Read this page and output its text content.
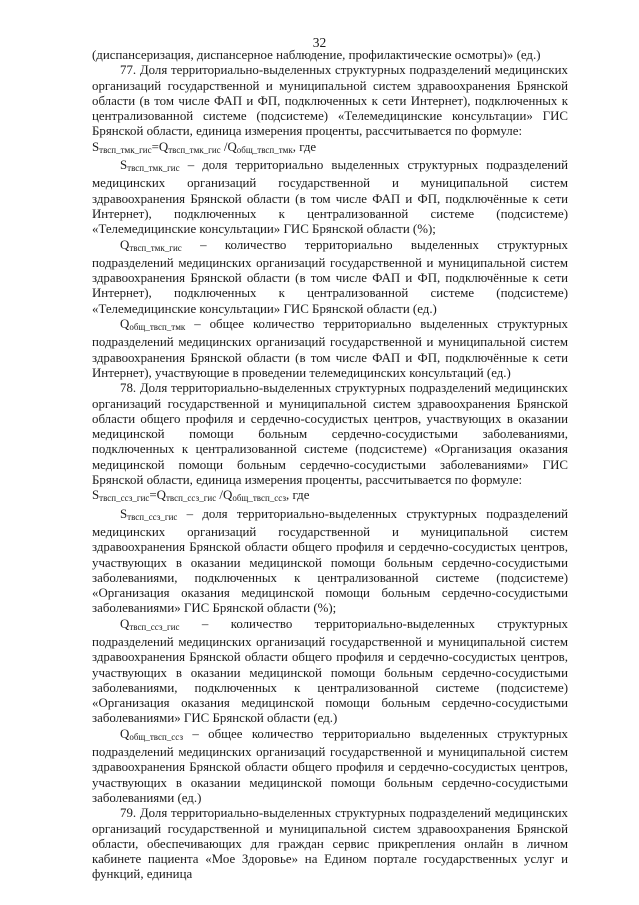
32

(диспансеризация, диспансерное наблюдение, профилактические осмотры)» (ед.)

77. Доля территориально-выделенных структурных подразделений медицинских организаций государственной и муниципальной систем здравоохранения Брянской области (в том числе ФАП и ФП, подключенных к сети Интернет), подключенных к централизованной системе (подсистеме) «Телемедицинские консультации» ГИС Брянской области, единица измерения проценты, рассчитывается по формуле:

$S_{твсп\_тмк\_гис}=Q_{твсп\_тмк\_гис}$ $/Q_{общ\_твсп\_тмк}$, где

$S_{твсп\_тмк\_гис}$ – доля территориально выделенных структурных подразделений медицинских организаций государственной и муниципальной систем здравоохранения Брянской области (в том числе ФАП и ФП, подключённые к сети Интернет), подключенных к централизованной системе (подсистеме) «Телемедицинские консультации» ГИС Брянской области (%);

$Q_{твсп\_тмк\_гис}$ – количество территориально выделенных структурных подразделений медицинских организаций государственной и муниципальной систем здравоохранения Брянской области (в том числе ФАП и ФП, подключённые к сети Интернет), подключенных к централизованной системе (подсистеме) «Телемедицинские консультации» ГИС Брянской области (ед.)

$Q_{общ\_твсп\_тмк}$ – общее количество территориально выделенных структурных подразделений медицинских организаций государственной и муниципальной систем здравоохранения Брянской области (в том числе ФАП и ФП, подключённые к сети Интернет), участвующие в проведении телемедицинских консультаций (ед.)

78. Доля территориально-выделенных структурных подразделений медицинских организаций государственной и муниципальной систем здравоохранения Брянской области общего профиля и сердечно-сосудистых центров, участвующих в оказании медицинской помощи больным сердечно-сосудистыми заболеваниями, подключенных к централизованной системе (подсистеме) «Организация оказания медицинской помощи больным сердечно-сосудистыми заболеваниями» ГИС Брянской области, единица измерения проценты, рассчитывается по формуле:

$S_{твсп\_ссз\_гис}=Q_{твсп\_ссз\_гис}$ $/Q_{общ\_твсп\_ссз}$, где

$S_{твсп\_ссз\_гис}$ – доля территориально-выделенных структурных подразделений медицинских организаций государственной и муниципальной систем здравоохранения Брянской области общего профиля и сердечно-сосудистых центров, участвующих в оказании медицинской помощи больным сердечно-сосудистыми заболеваниями, подключенных к централизованной системе (подсистеме) «Организация оказания медицинской помощи больным сердечно-сосудистыми заболеваниями» ГИС Брянской области (%);

$Q_{твсп\_ссз\_гис}$ – количество территориально-выделенных структурных подразделений медицинских организаций государственной и муниципальной систем здравоохранения Брянской области общего профиля и сердечно-сосудистых центров, участвующих в оказании медицинской помощи больным сердечно-сосудистыми заболеваниями, подключенных к централизованной системе (подсистеме) «Организация оказания медицинской помощи больным сердечно-сосудистыми заболеваниями» ГИС Брянской области (ед.)

$Q_{общ\_твсп\_ссз}$ – общее количество территориально выделенных структурных подразделений медицинских организаций государственной и муниципальной систем здравоохранения Брянской области общего профиля и сердечно-сосудистых центров, участвующих в оказании медицинской помощи больным сердечно-сосудистыми заболеваниями (ед.)

79. Доля территориально-выделенных структурных подразделений медицинских организаций государственной и муниципальной систем здравоохранения Брянской области, обеспечивающих для граждан сервис прикрепления онлайн в личном кабинете пациента «Мое Здоровье» на Едином портале государственных услуг и функций, единица
